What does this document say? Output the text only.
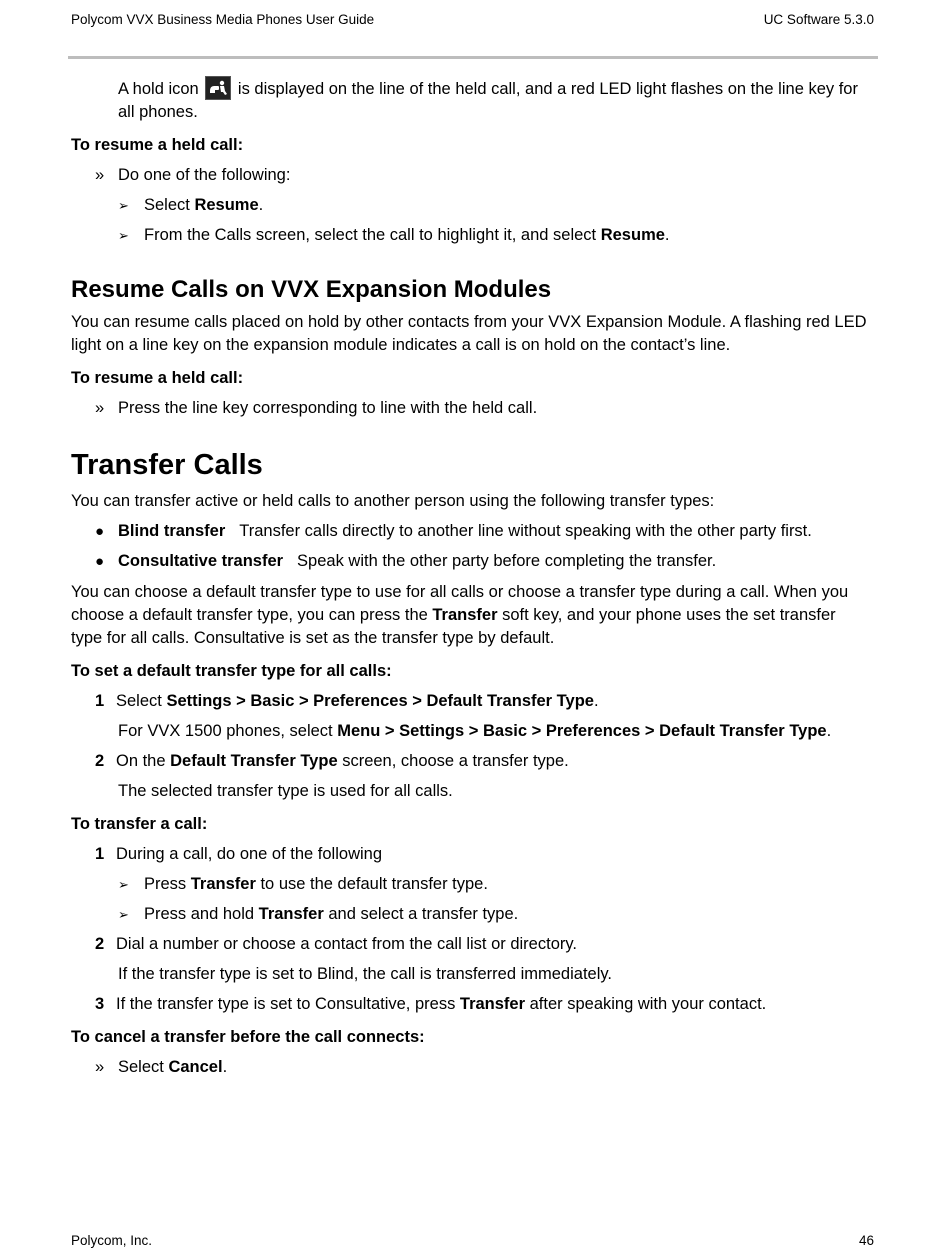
Polycom VVX Business Media Phones User Guide	UC Software 5.3.0

A hold icon is displayed on the line of the held call, and a red LED light flashes on the line key for all phones.

To resume a held call:

» Do one of the following:
➢ Select Resume.
➢ From the Calls screen, select the call to highlight it, and select Resume.
Resume Calls on VVX Expansion Modules

You can resume calls placed on hold by other contacts from your VVX Expansion Module. A flashing red LED light on a line key on the expansion module indicates a call is on hold on the contact’s line.

To resume a held call:

» Press the line key corresponding to line with the held call.
Transfer Calls

You can transfer active or held calls to another person using the following transfer types:

● Blind transfer Transfer calls directly to another line without speaking with the other party first.
● Consultative transfer Speak with the other party before completing the transfer.

You can choose a default transfer type to use for all calls or choose a transfer type during a call. When you choose a default transfer type, you can press the Transfer soft key, and your phone uses the set transfer type for all calls. Consultative is set as the transfer type by default.

To set a default transfer type for all calls:

1 Select Settings > Basic > Preferences > Default Transfer Type.
For VVX 1500 phones, select Menu > Settings > Basic > Preferences > Default Transfer Type.
2 On the Default Transfer Type screen, choose a transfer type.
The selected transfer type is used for all calls.

To transfer a call:

1 During a call, do one of the following
➢ Press Transfer to use the default transfer type.
➢ Press and hold Transfer and select a transfer type.
2 Dial a number or choose a contact from the call list or directory.
If the transfer type is set to Blind, the call is transferred immediately.
3 If the transfer type is set to Consultative, press Transfer after speaking with your contact.

To cancel a transfer before the call connects:

» Select Cancel.
Polycom, Inc.	46
